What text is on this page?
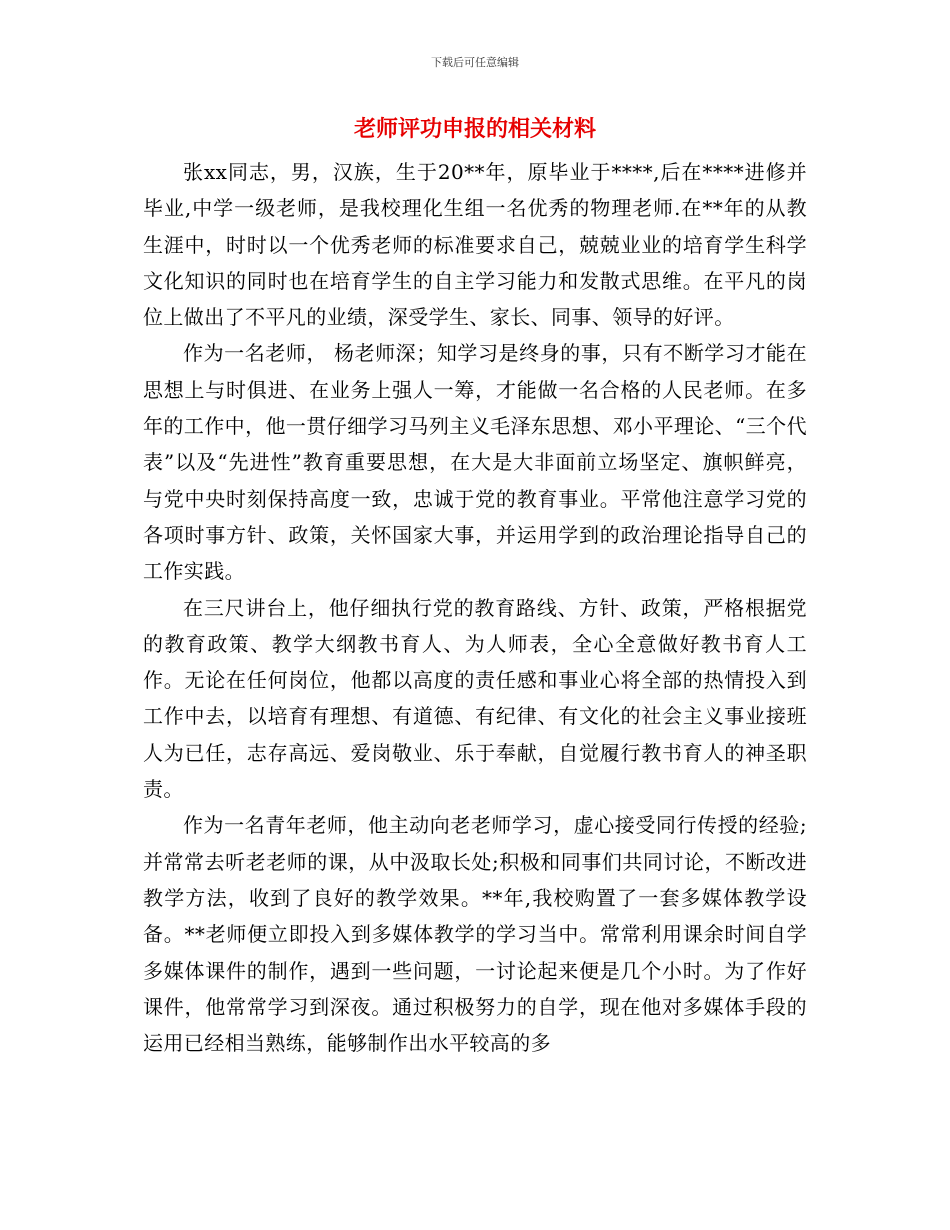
下载后可任意编辑
老师评功申报的相关材料

张xx同志，男，汉族，生于20**年，原毕业于****,后在****进修并毕业,中学一级老师，是我校理化生组一名优秀的物理老师.在**年的从教生涯中，时时以一个优秀老师的标准要求自己，兢兢业业的培育学生科学文化知识的同时也在培育学生的自主学习能力和发散式思维。在平凡的岗位上做出了不平凡的业绩，深受学生、家长、同事、领导的好评。

作为一名老师， 杨老师深；知学习是终身的事，只有不断学习才能在思想上与时俱进、在业务上强人一筹，才能做一名合格的人民老师。在多年的工作中，他一贯仔细学习马列主义毛泽东思想、邓小平理论、“三个代表”以及“先进性”教育重要思想，在大是大非面前立场坚定、旗帜鲜亮，与党中央时刻保持高度一致，忠诚于党的教育事业。平常他注意学习党的各项时事方针、政策，关怀国家大事，并运用学到的政治理论指导自己的工作实践。

在三尺讲台上，他仔细执行党的教育路线、方针、政策，严格根据党的教育政策、教学大纲教书育人、为人师表，全心全意做好教书育人工作。无论在任何岗位，他都以高度的责任感和事业心将全部的热情投入到工作中去，以培育有理想、有道德、有纪律、有文化的社会主义事业接班人为已任，志存高远、爱岗敬业、乐于奉献，自觉履行教书育人的神圣职责。

作为一名青年老师，他主动向老老师学习，虚心接受同行传授的经验;并常常去听老老师的课，从中汲取长处;积极和同事们共同讨论，不断改进教学方法，收到了良好的教学效果。**年,我校购置了一套多媒体教学设备。**老师便立即投入到多媒体教学的学习当中。常常利用课余时间自学多媒体课件的制作，遇到一些问题，一讨论起来便是几个小时。为了作好课件，他常常学习到深夜。通过积极努力的自学，现在他对多媒体手段的运用已经相当熟练，能够制作出水平较高的多
